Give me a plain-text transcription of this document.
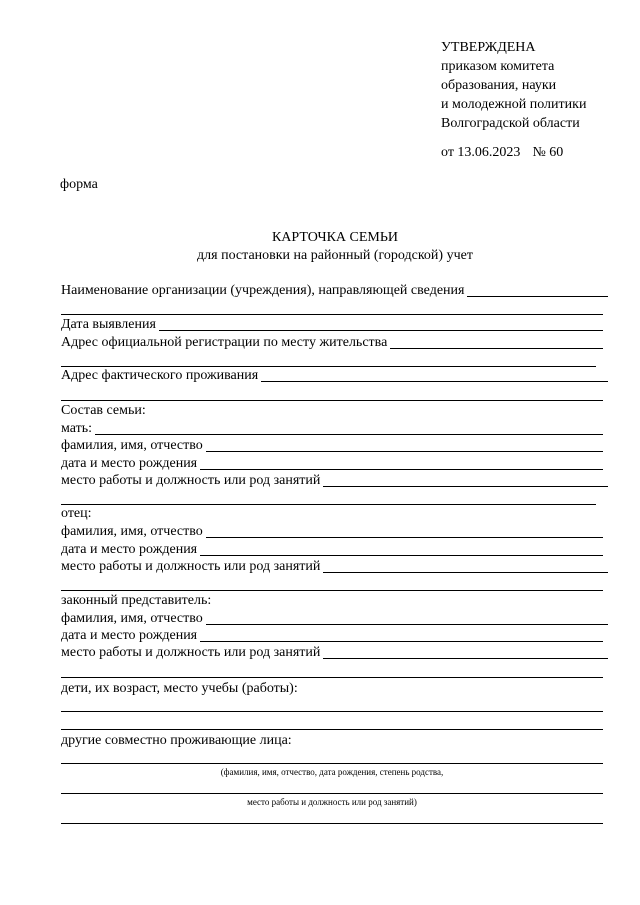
УТВЕРЖДЕНА
приказом комитета
образования, науки
и молодежной политики
Волгоградской области
от 13.06.2023 № 60
форма
КАРТОЧКА СЕМЬИ
для постановки на районный (городской) учет
Наименование организации (учреждения), направляющей сведения
Дата выявления
Адрес официальной регистрации по месту жительства
Адрес фактического проживания
Состав семьи:
мать:
фамилия, имя, отчество
дата и место рождения
место работы и должность или род занятий
отец:
фамилия, имя, отчество
дата и место рождения
место работы и должность или род занятий
законный представитель:
фамилия, имя, отчество
дата и место рождения
место работы и должность или род занятий
дети, их возраст, место учебы (работы):
другие совместно проживающие лица:
(фамилия, имя, отчество, дата рождения, степень родства,
место работы и должность или род занятий)
